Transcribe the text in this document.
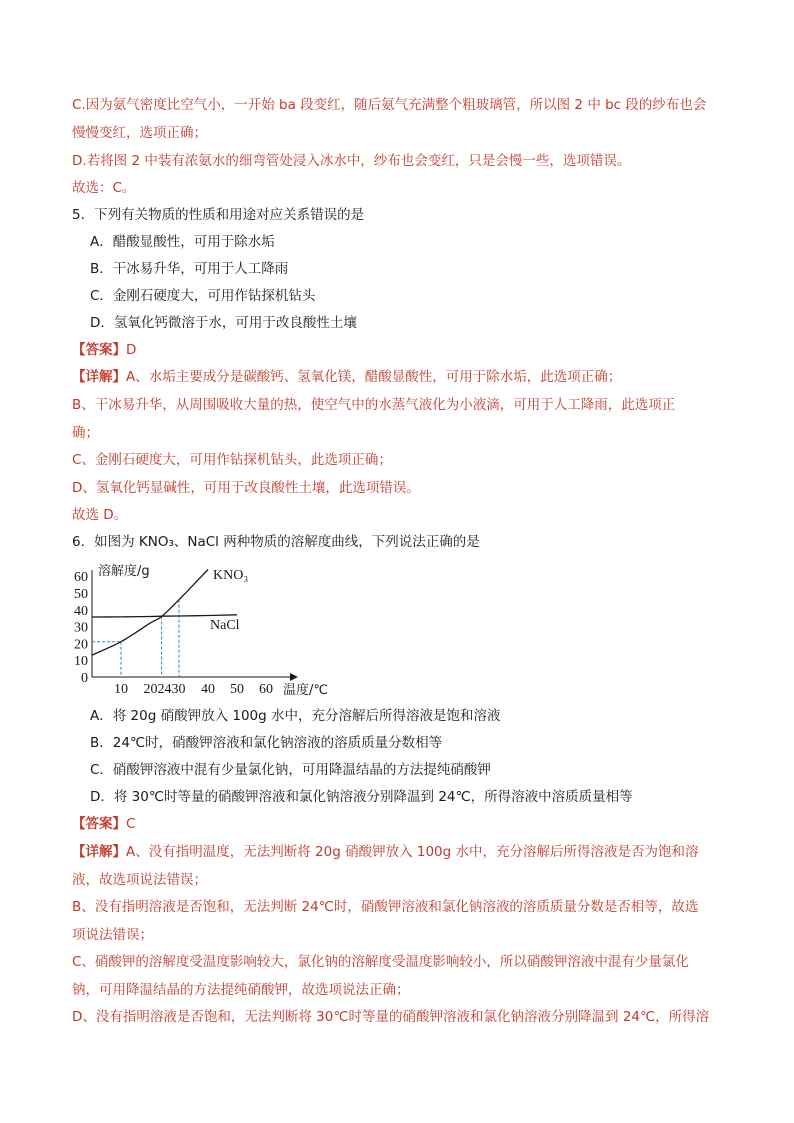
C.因为氨气密度比空气小，一开始 ba 段变红，随后氨气充满整个粗玻璃管，所以图 2 中 bc 段的纱布也会
慢慢变红，选项正确；
D.若将图 2 中装有浓氨水的细弯管处浸入冰水中，纱布也会变红，只是会慢一些，选项错误。
故选：C。
5．下列有关物质的性质和用途对应关系错误的是
A．醋酸显酸性，可用于除水垢
B．干冰易升华，可用于人工降雨
C．金刚石硬度大，可用作钻探机钻头
D．氢氧化钙微溶于水，可用于改良酸性土壤
【答案】D
【详解】A、水垢主要成分是碳酸钙、氢氧化镁，醋酸显酸性，可用于除水垢，此选项正确；
B、干冰易升华，从周围吸收大量的热，使空气中的水蒸气液化为小液滴，可用于人工降雨，此选项正
确；
C、金刚石硬度大，可用作钻探机钻头，此选项正确；
D、氢氧化钙显碱性，可用于改良酸性土壤，此选项错误。
故选 D。
6．如图为 KNO₃、NaCl 两种物质的溶解度曲线，下列说法正确的是
60
50
40
30
20
10
0
10 202430 40 50 60
溶解度/g
温度/℃
KNO₃
NaCl
A．将 20g 硝酸钾放入 100g 水中，充分溶解后所得溶液是饱和溶液
B．24℃时，硝酸钾溶液和氯化钠溶液的溶质质量分数相等
C．硝酸钾溶液中混有少量氯化钠，可用降温结晶的方法提纯硝酸钾
D．将 30℃时等量的硝酸钾溶液和氯化钠溶液分别降温到 24℃，所得溶液中溶质质量相等
【答案】C
【详解】A、没有指明温度，无法判断将 20g 硝酸钾放入 100g 水中，充分溶解后所得溶液是否为饱和溶
液，故选项说法错误；
B、没有指明溶液是否饱和，无法判断 24℃时，硝酸钾溶液和氯化钠溶液的溶质质量分数是否相等，故选
项说法错误；
C、硝酸钾的溶解度受温度影响较大，氯化钠的溶解度受温度影响较小，所以硝酸钾溶液中混有少量氯化
钠，可用降温结晶的方法提纯硝酸钾，故选项说法正确；
D、没有指明溶液是否饱和，无法判断将 30℃时等量的硝酸钾溶液和氯化钠溶液分别降温到 24℃，所得溶
